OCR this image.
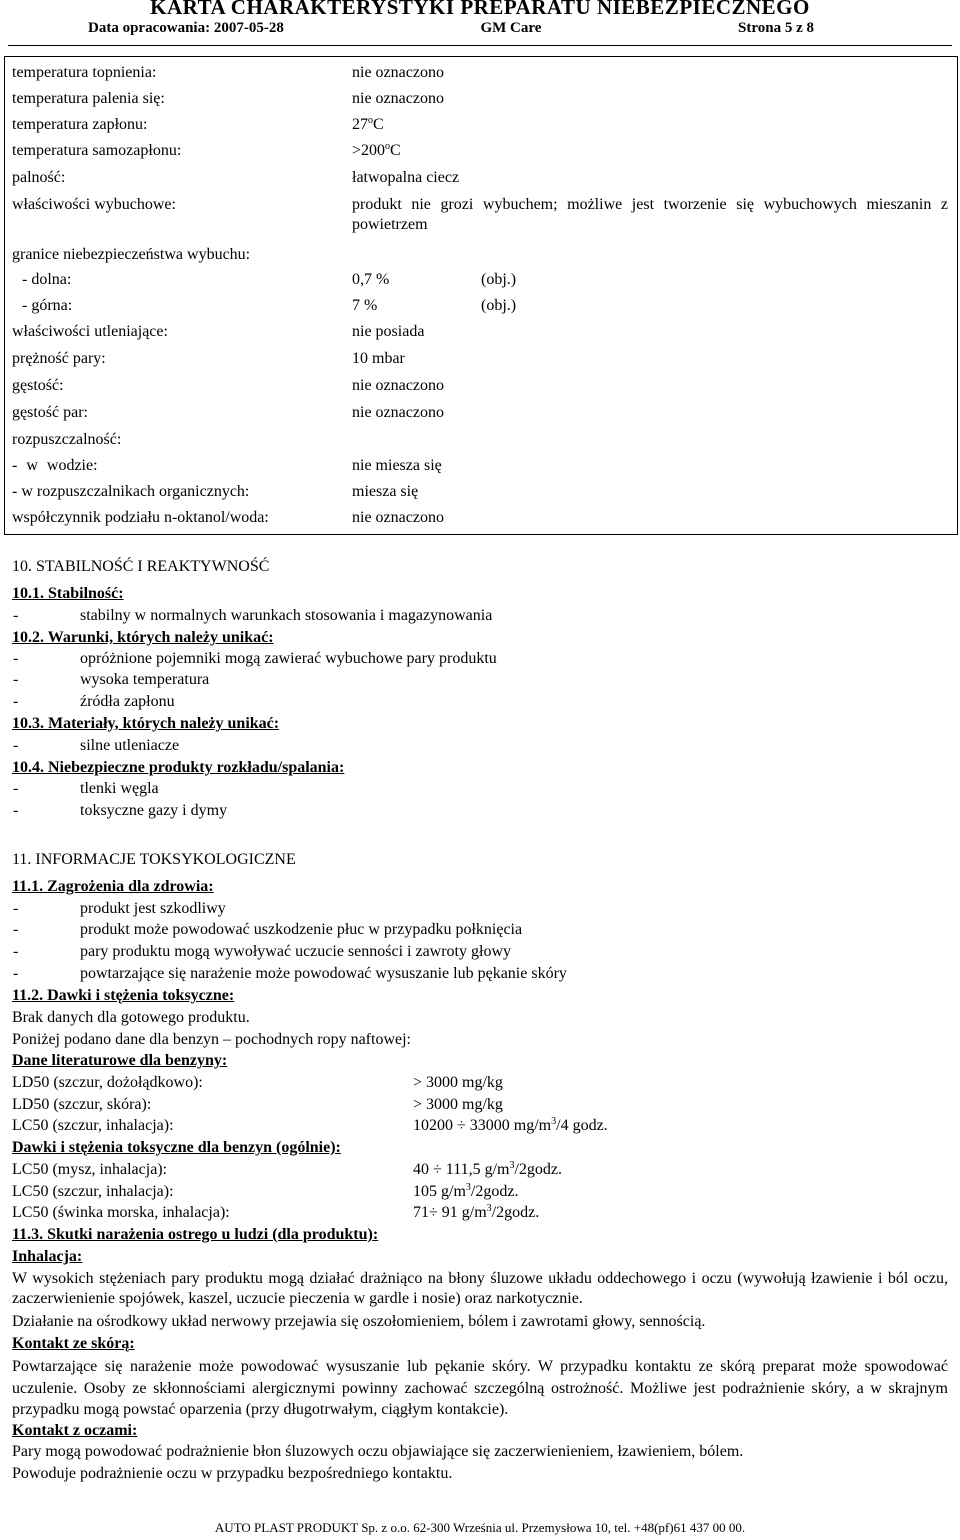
KARTA CHARAKTERYSTYKI PREPARATU NIEBEZPIECZNEGO
Data opracowania: 2007-05-28	GM Care	Strona 5 z 8
temperatura topnienia:	nie oznaczono
temperatura palenia się:	nie oznaczono
temperatura zapłonu:	27$^o$C
temperatura samozapłonu:	$>200^oC$
palność:	łatwopalna ciecz
właściwości wybuchowe:	produkt nie grozi wybuchem; możliwe jest tworzenie się wybuchowych mieszanin z powietrzem
granice niebezpieczeństwa wybuchu:
- dolna:	0,7 %	(obj.)
- górna:	7 %	(obj.)
właściwości utleniające:	nie posiada
prężność pary:	10 mbar
gęstość:	nie oznaczono
gęstość par:	nie oznaczono
rozpuszczalność:
- w wodzie:	nie miesza się
- w rozpuszczalnikach organicznych:	miesza się
współczynnik podziału n-oktanol/woda:	nie oznaczono
10. STABILNOŚĆ I REAKTYWNOŚĆ
10.1. Stabilność:
-	stabilny w normalnych warunkach stosowania i magazynowania
10.2. Warunki, których należy unikać:
-	opróżnione pojemniki mogą zawierać wybuchowe pary produktu
-	wysoka temperatura
-	źródła zapłonu
10.3. Materiały, których należy unikać:
-	silne utleniacze
10.4. Niebezpieczne produkty rozkładu/spalania:
-	tlenki węgla
-	toksyczne gazy i dymy
11. INFORMACJE TOKSYKOLOGICZNE
11.1. Zagrożenia dla zdrowia:
-	produkt jest szkodliwy
-	produkt może powodować uszkodzenie płuc w przypadku połknięcia
-	pary produktu mogą wywoływać uczucie senności i zawroty głowy
-	powtarzające się narażenie może powodować wysuszanie lub pękanie skóry
11.2. Dawki i stężenia toksyczne:
Brak danych dla gotowego produktu.
Poniżej podano dane dla benzyn – pochodnych ropy naftowej:
Dane literaturowe dla benzyny:
LD50 (szczur, dożołądkowo):	> 3000 mg/kg
LD50 (szczur, skóra):	> 3000 mg/kg
LC50 (szczur, inhalacja):	10200 ÷ 33000 $mg/m^3/4$ godz.
Dawki i stężenia toksyczne dla benzyn (ogólnie):
LC50 (mysz, inhalacja):	40 ÷ 111,5 $g/m^3/2godz$.
LC50 (szczur, inhalacja):	105 $g/m^3/2godz$.
LC50 (świnka morska, inhalacja):	71÷ 91 $g/m^3/2godz$.
11.3. Skutki narażenia ostrego u ludzi (dla produktu):
Inhalacja:
W wysokich stężeniach pary produktu mogą działać drażniąco na błony śluzowe układu oddechowego i oczu (wywołują łzawienie i ból oczu, zaczerwienienie spojówek, kaszel, uczucie pieczenia w gardle i nosie) oraz narkotycznie.
Działanie na ośrodkowy układ nerwowy przejawia się oszołomieniem, bólem i zawrotami głowy, sennością.
Kontakt ze skórą:
Powtarzające się narażenie może powodować wysuszanie lub pękanie skóry. W przypadku kontaktu ze skórą preparat może spowodować uczulenie. Osoby ze skłonnościami alergicznymi powinny zachować szczególną ostrożność. Możliwe jest podrażnienie skóry, a w skrajnym przypadku mogą powstać oparzenia (przy długotrwałym, ciągłym kontakcie).
Kontakt z oczami:
Pary mogą powodować podrażnienie błon śluzowych oczu objawiające się zaczerwienieniem, łzawieniem, bólem.
Powoduje podrażnienie oczu w przypadku bezpośredniego kontaktu.
AUTO PLAST PRODUKT Sp. z o.o. 62-300 Września ul. Przemysłowa 10, tel. +48(pf)61 437 00 00.
